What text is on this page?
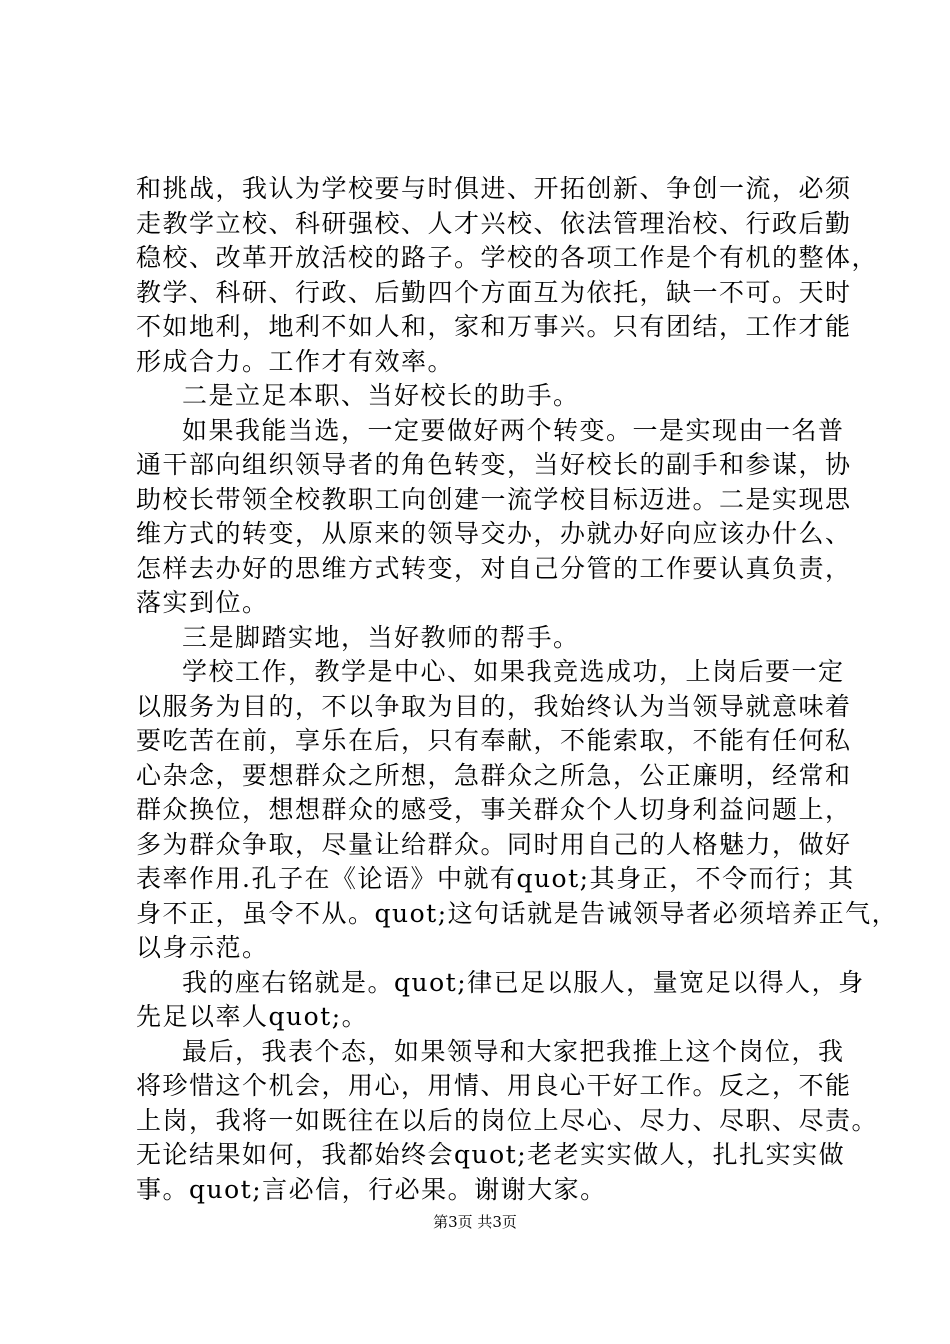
和挑战，我认为学校要与时俱进、开拓创新、争创一流，必须
走教学立校、科研强校、人才兴校、依法管理治校、行政后勤
稳校、改革开放活校的路子。学校的各项工作是个有机的整体，
教学、科研、行政、后勤四个方面互为依托，缺一不可。天时
不如地利，地利不如人和，家和万事兴。只有团结，工作才能
形成合力。工作才有效率。
二是立足本职、当好校长的助手。
如果我能当选，一定要做好两个转变。一是实现由一名普
通干部向组织领导者的角色转变，当好校长的副手和参谋，协
助校长带领全校教职工向创建一流学校目标迈进。二是实现思
维方式的转变，从原来的领导交办，办就办好向应该办什么、
怎样去办好的思维方式转变，对自己分管的工作要认真负责，
落实到位。
三是脚踏实地，当好教师的帮手。
学校工作，教学是中心、如果我竞选成功，上岗后要一定
以服务为目的，不以争取为目的，我始终认为当领导就意味着
要吃苦在前，享乐在后，只有奉献，不能索取，不能有任何私
心杂念，要想群众之所想，急群众之所急，公正廉明，经常和
群众换位，想想群众的感受，事关群众个人切身利益问题上，
多为群众争取，尽量让给群众。同时用自己的人格魅力，做好
表率作用.孔子在《论语》中就有quot;其身正，不令而行；其
身不正，虽令不从。quot;这句话就是告诫领导者必须培养正气，
以身示范。
我的座右铭就是。quot;律已足以服人，量宽足以得人，身
先足以率人quot;。
最后，我表个态，如果领导和大家把我推上这个岗位，我
将珍惜这个机会，用心，用情、用良心干好工作。反之，不能
上岗，我将一如既往在以后的岗位上尽心、尽力、尽职、尽责。
无论结果如何，我都始终会quot;老老实实做人，扎扎实实做
事。quot;言必信，行必果。谢谢大家。
第3页 共3页
